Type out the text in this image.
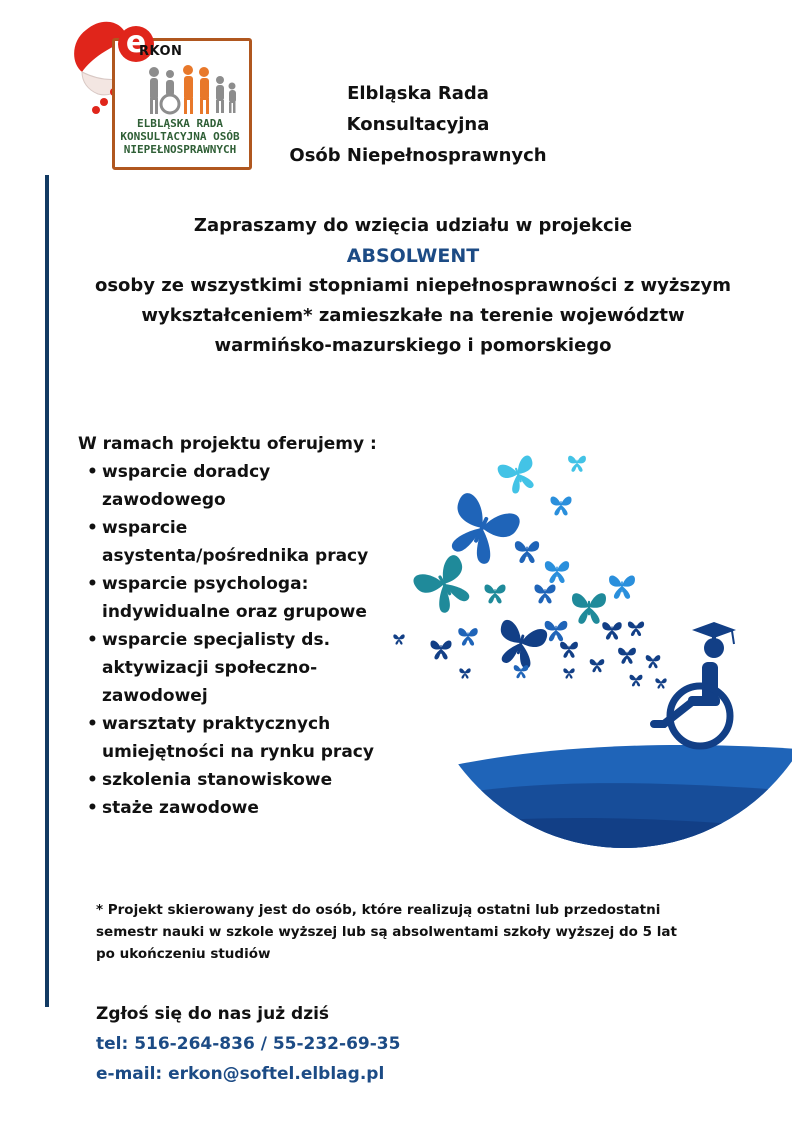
e
RKON
ELBLĄSKA RADA
KONSULTACYJNA OSÓB
NIEPEŁNOSPRAWNYCH
Elbląska Rada
Konsultacyjna
Osób Niepełnosprawnych
Zapraszamy do wzięcia udziału w projekcie
ABSOLWENT
osoby ze wszystkimi stopniami niepełnosprawności z wyższym
wykształceniem* zamieszkałe na terenie województw
warmińsko-mazurskiego i pomorskiego
W ramach projektu oferujemy :
• wsparcie doradcy
zawodowego
• wsparcie
asystenta/pośrednika pracy
• wsparcie psychologa:
indywidualne oraz grupowe
• wsparcie specjalisty ds.
aktywizacji społeczno-
zawodowej
• warsztaty praktycznych
umiejętności na rynku pracy
• szkolenia stanowiskowe
• staże zawodowe
* Projekt skierowany jest do osób, które realizują ostatni lub przedostatni
semestr nauki w szkole wyższej lub są absolwentami szkoły wyższej do 5 lat
po ukończeniu studiów
Zgłoś się do nas już dziś
tel: 516-264-836 / 55-232-69-35
e-mail: erkon@softel.elblag.pl
